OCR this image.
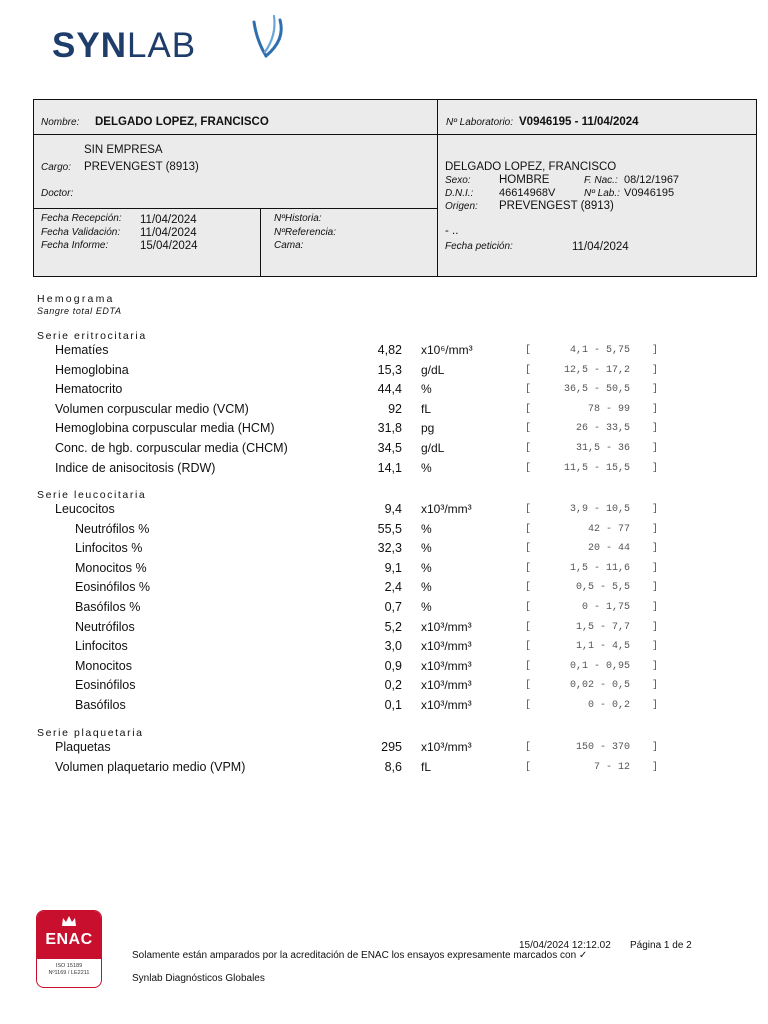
SYNLAB
Nombre: DELGADO LOPEZ, FRANCISCO	Nº Laboratorio: V0946195 - 11/04/2024
SIN EMPRESA
Cargo: PREVENGEST (8913)
Doctor:
DELGADO LOPEZ, FRANCISCO
Sexo: HOMBRE	F. Nac.: 08/12/1967
D.N.I.: 46614968V	Nº Lab.: V0946195
Origen: PREVENGEST (8913)
Fecha Recepción: 11/04/2024
Fecha Validación: 11/04/2024
Fecha Informe:	15/04/2024
NºHistoria:
NºReferencia:
Cama:
- ..
Fecha petición:	11/04/2024
Hemograma
Sangre total EDTA
Serie eritrocitaria
Hematíes	4,82 x10⁶/mm³	[	4,1 - 5,75 ]
Hemoglobina	15,3 g/dL	[	12,5 - 17,2 ]
Hematocrito	44,4 %	[	36,5 - 50,5 ]
Volumen corpuscular medio (VCM)	92 fL	[	78 - 99 ]
Hemoglobina corpuscular media (HCM)	31,8 pg	[	26 - 33,5 ]
Conc. de hgb. corpuscular media (CHCM)	34,5 g/dL	[	31,5 - 36 ]
Indice de anisocitosis (RDW)	14,1 %	[	11,5 - 15,5 ]
Serie leucocitaria
Leucocitos	9,4 x10³/mm³	[	3,9 - 10,5 ]
Neutrófilos %	55,5 %	[	42 - 77 ]
Linfocitos %	32,3 %	[	20 - 44 ]
Monocitos %	9,1 %	[	1,5 - 11,6 ]
Eosinófilos %	2,4 %	[	0,5 - 5,5 ]
Basófilos %	0,7 %	[	0 - 1,75 ]
Neutrófilos	5,2 x10³/mm³	[	1,5 - 7,7 ]
Linfocitos	3,0 x10³/mm³	[	1,1 - 4,5 ]
Monocitos	0,9 x10³/mm³	[	0,1 - 0,95 ]
Eosinófilos	0,2 x10³/mm³	[	0,02 - 0,5 ]
Basófilos	0,1 x10³/mm³	[	0 - 0,2 ]
Serie plaquetaria
Plaquetas	295 x10³/mm³	[	150 - 370 ]
Volumen plaquetario medio (VPM)	8,6 fL	[	7 - 12 ]
ENAC
ISO 15189
Nº1169 / LE2211
15/04/2024 12:12.02 Página 1 de 2
Solamente están amparados por la acreditación de ENAC los ensayos expresamente marcados con ✓
Synlab Diagnósticos Globales
